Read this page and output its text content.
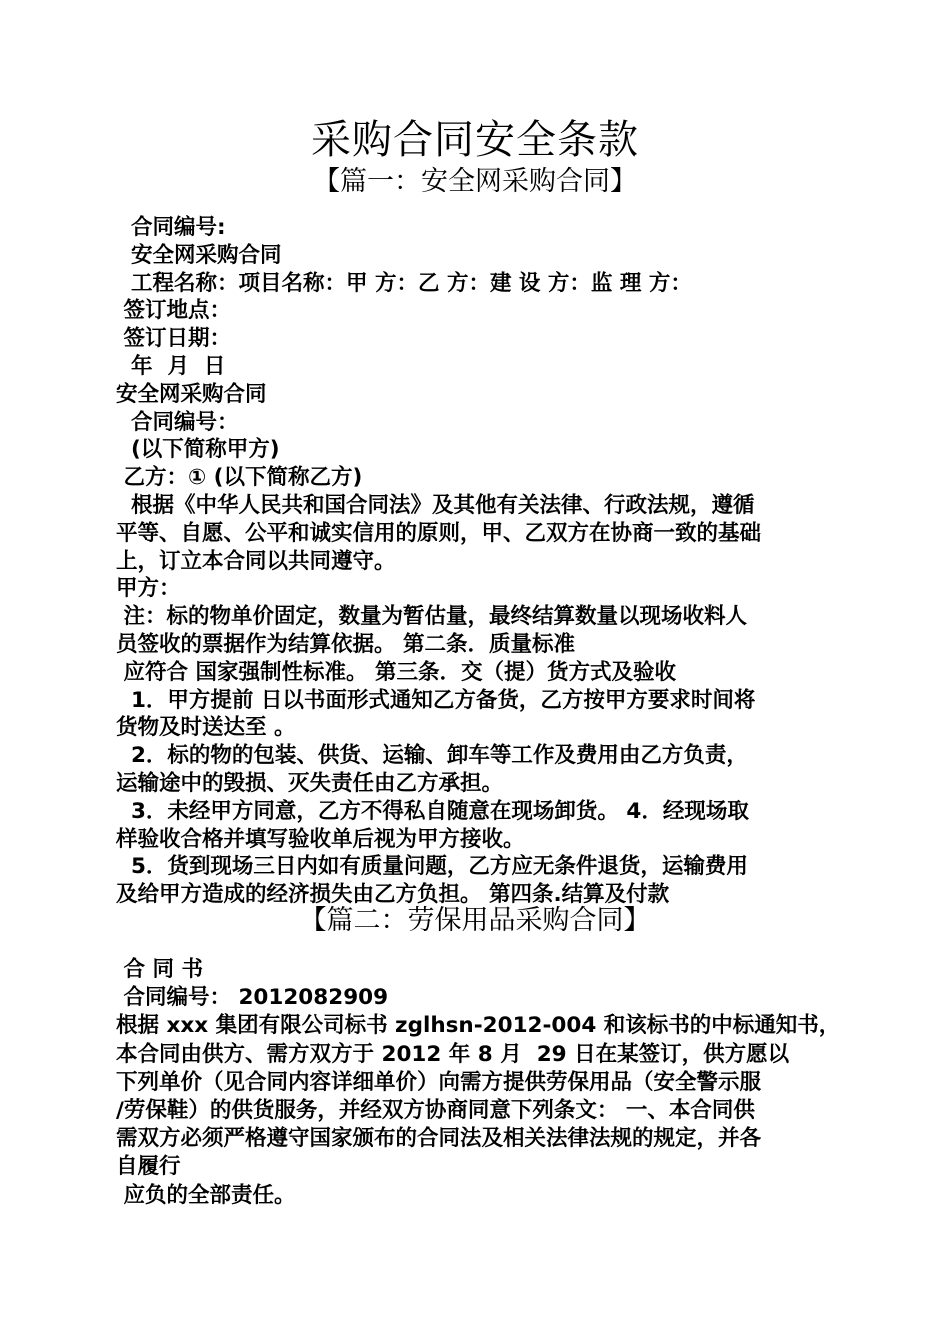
采购合同安全条款
【篇一：安全网采购合同】
合同编号:
安全网采购合同
工程名称：项目名称：甲 方：乙 方：建 设 方：监 理 方：
签订地点：
签订日期：
年  月  日
安全网采购合同
合同编号：
(以下简称甲方)
乙方：① (以下简称乙方)
根据《中华人民共和国合同法》及其他有关法律、行政法规，遵循
平等、自愿、公平和诚实信用的原则，甲、乙双方在协商一致的基础
上，订立本合同以共同遵守。
甲方：
注：标的物单价固定，数量为暂估量，最终结算数量以现场收料人
员签收的票据作为结算依据。 第二条．质量标准
应符合 国家强制性标准。 第三条．交（提）货方式及验收
1．甲方提前 日以书面形式通知乙方备货，乙方按甲方要求时间将
货物及时送达至 。
2．标的物的包装、供货、运输、卸车等工作及费用由乙方负责，
运输途中的毁损、灭失责任由乙方承担。
3．未经甲方同意，乙方不得私自随意在现场卸货。 4．经现场取
样验收合格并填写验收单后视为甲方接收。
5．货到现场三日内如有质量问题，乙方应无条件退货，运输费用
及给甲方造成的经济损失由乙方负担。 第四条.结算及付款
【篇二：劳保用品采购合同】
合 同 书
合同编号： 2012082909
根据 xxx 集团有限公司标书 zglhsn-2012-004 和该标书的中标通知书，
本合同由供方、需方双方于 2012 年 8 月  29 日在某签订，供方愿以
下列单价（见合同内容详细单价）向需方提供劳保用品（安全警示服
/劳保鞋）的供货服务，并经双方协商同意下列条文： 一、本合同供
需双方必须严格遵守国家颁布的合同法及相关法律法规的规定，并各
自履行
应负的全部责任。
